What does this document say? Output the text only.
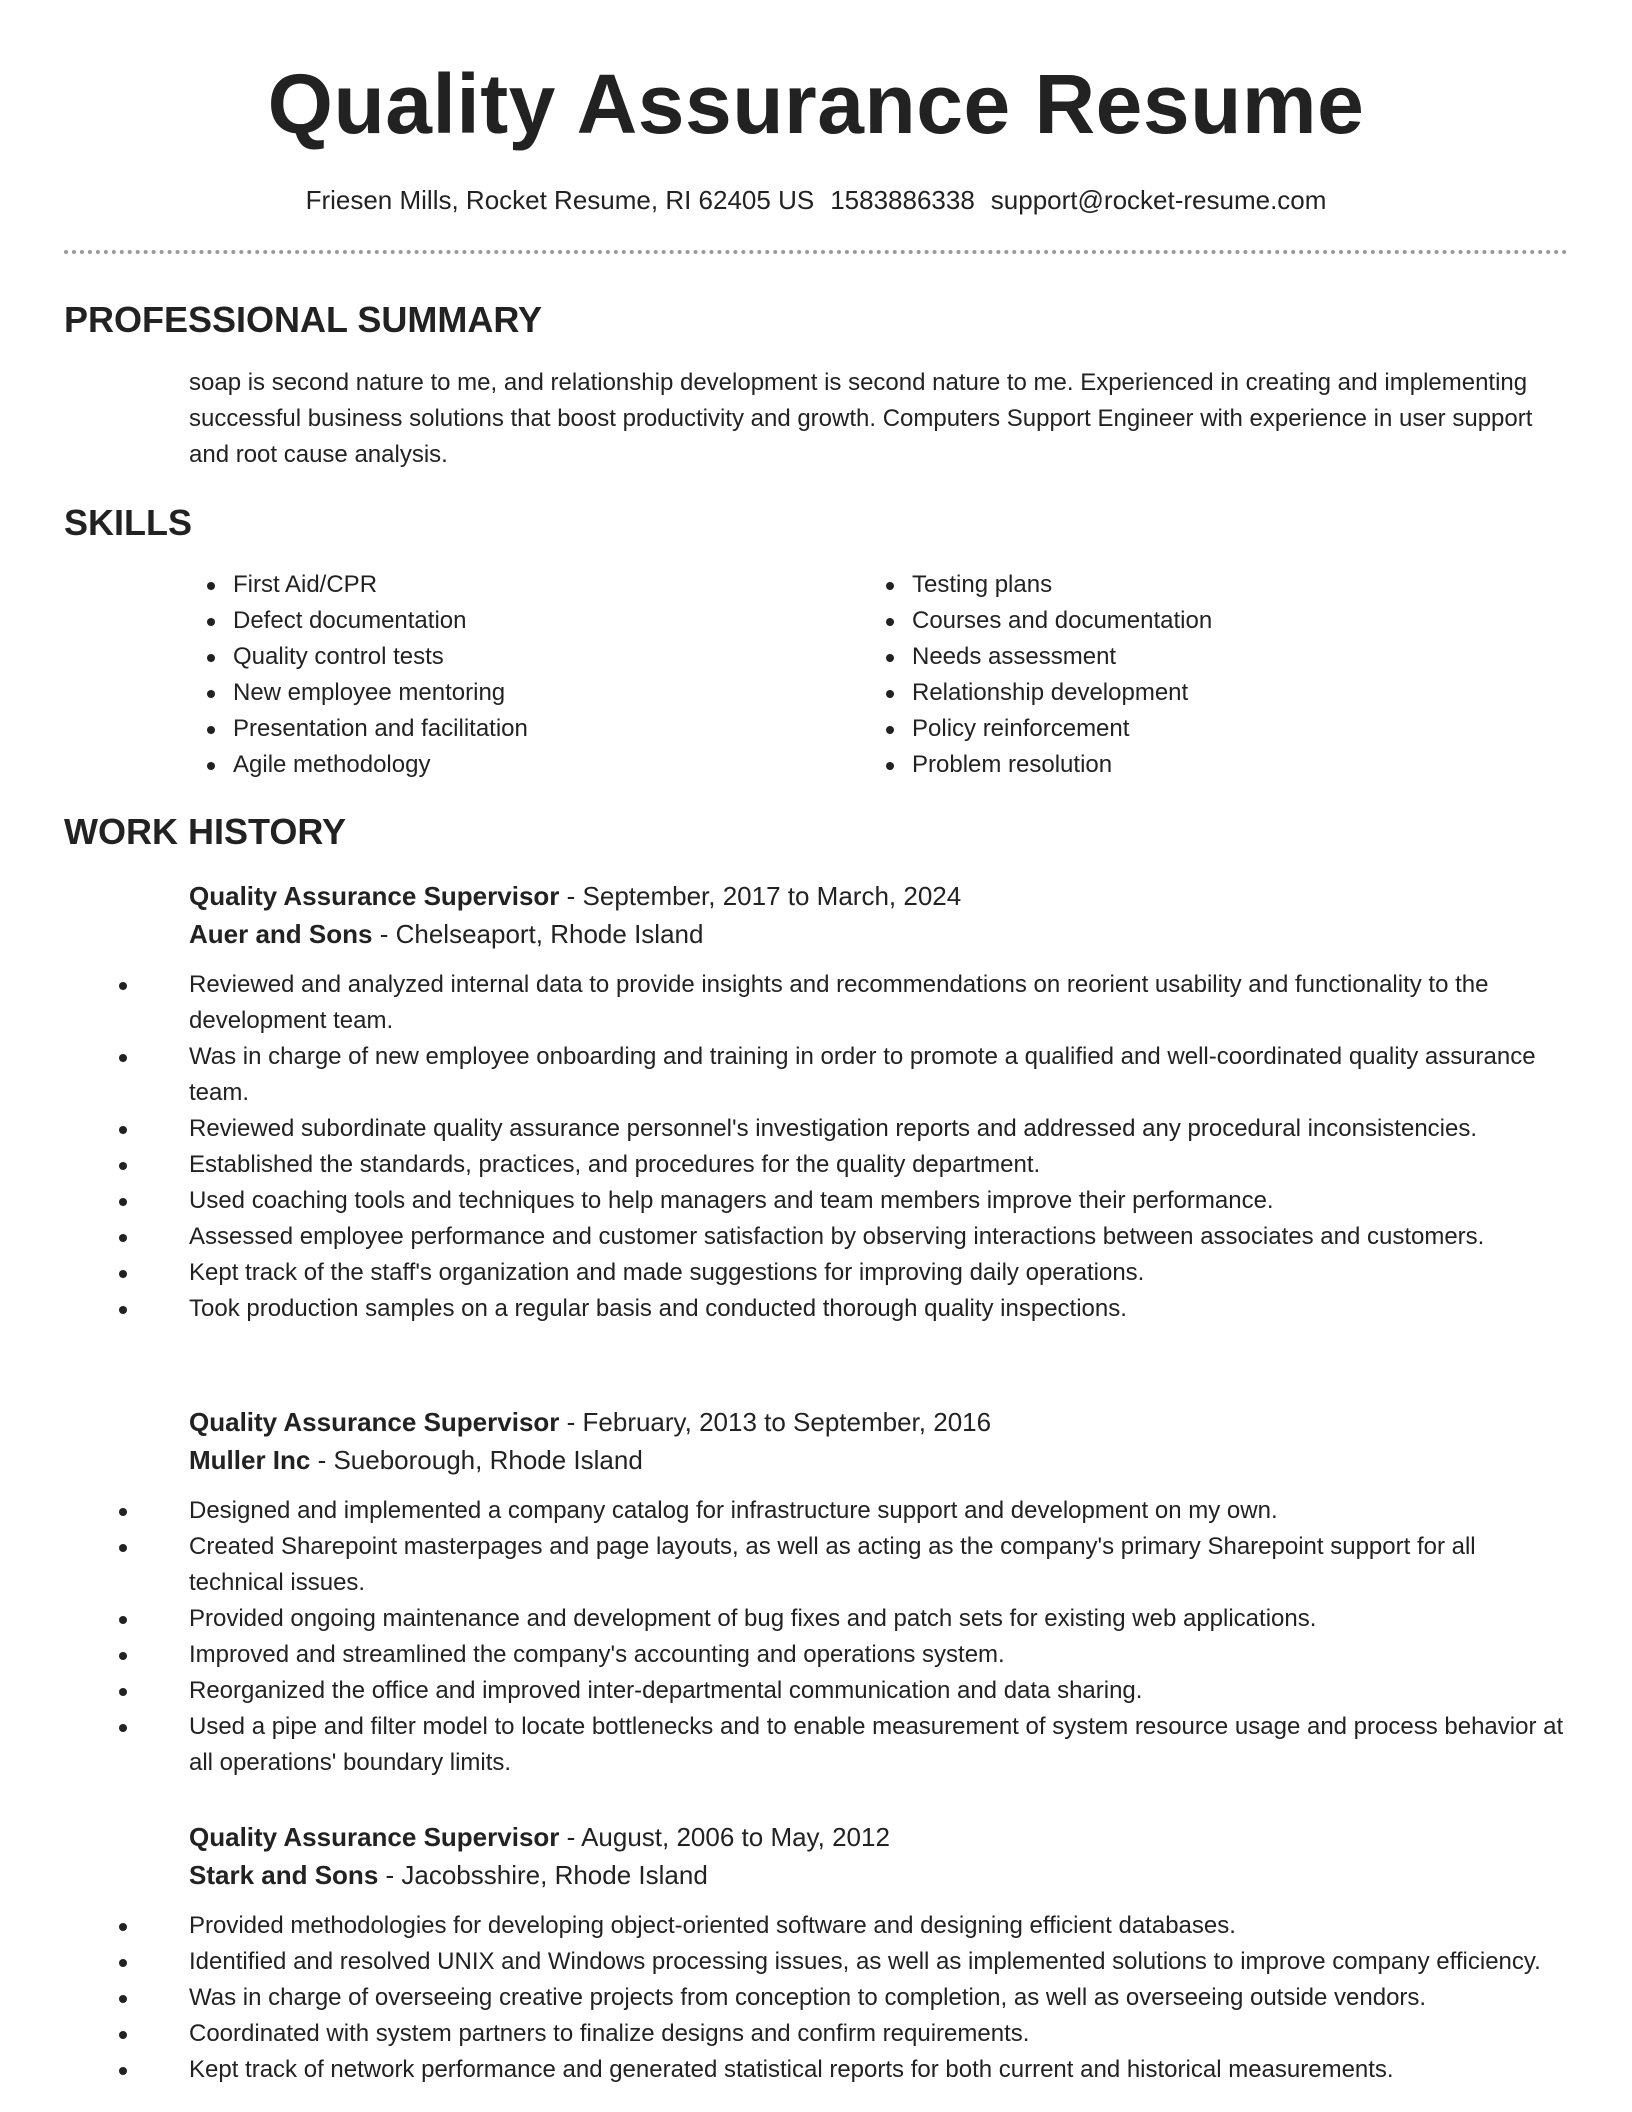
Quality Assurance Resume
Friesen Mills, Rocket Resume, RI 62405 US 1583886338 support@rocket-resume.com
PROFESSIONAL SUMMARY

soap is second nature to me, and relationship development is second nature to me. Experienced in creating and implementing successful business solutions that boost productivity and growth. Computers Support Engineer with experience in user support and root cause analysis.

SKILLS
First Aid/CPR
Defect documentation
Quality control tests
New employee mentoring
Presentation and facilitation
Agile methodology
Testing plans
Courses and documentation
Needs assessment
Relationship development
Policy reinforcement
Problem resolution
WORK HISTORY
Quality Assurance Supervisor - September, 2017 to March, 2024
Auer and Sons - Chelseaport, Rhode Island
Reviewed and analyzed internal data to provide insights and recommendations on reorient usability and functionality to the development team.
Was in charge of new employee onboarding and training in order to promote a qualified and well-coordinated quality assurance team.
Reviewed subordinate quality assurance personnel's investigation reports and addressed any procedural inconsistencies.
Established the standards, practices, and procedures for the quality department.
Used coaching tools and techniques to help managers and team members improve their performance.
Assessed employee performance and customer satisfaction by observing interactions between associates and customers.
Kept track of the staff's organization and made suggestions for improving daily operations.
Took production samples on a regular basis and conducted thorough quality inspections.
Quality Assurance Supervisor - February, 2013 to September, 2016
Muller Inc - Sueborough, Rhode Island
Designed and implemented a company catalog for infrastructure support and development on my own.
Created Sharepoint masterpages and page layouts, as well as acting as the company's primary Sharepoint support for all technical issues.
Provided ongoing maintenance and development of bug fixes and patch sets for existing web applications.
Improved and streamlined the company's accounting and operations system.
Reorganized the office and improved inter-departmental communication and data sharing.
Used a pipe and filter model to locate bottlenecks and to enable measurement of system resource usage and process behavior at all operations' boundary limits.
Quality Assurance Supervisor - August, 2006 to May, 2012
Stark and Sons - Jacobsshire, Rhode Island
Provided methodologies for developing object-oriented software and designing efficient databases.
Identified and resolved UNIX and Windows processing issues, as well as implemented solutions to improve company efficiency.
Was in charge of overseeing creative projects from conception to completion, as well as overseeing outside vendors.
Coordinated with system partners to finalize designs and confirm requirements.
Kept track of network performance and generated statistical reports for both current and historical measurements.
